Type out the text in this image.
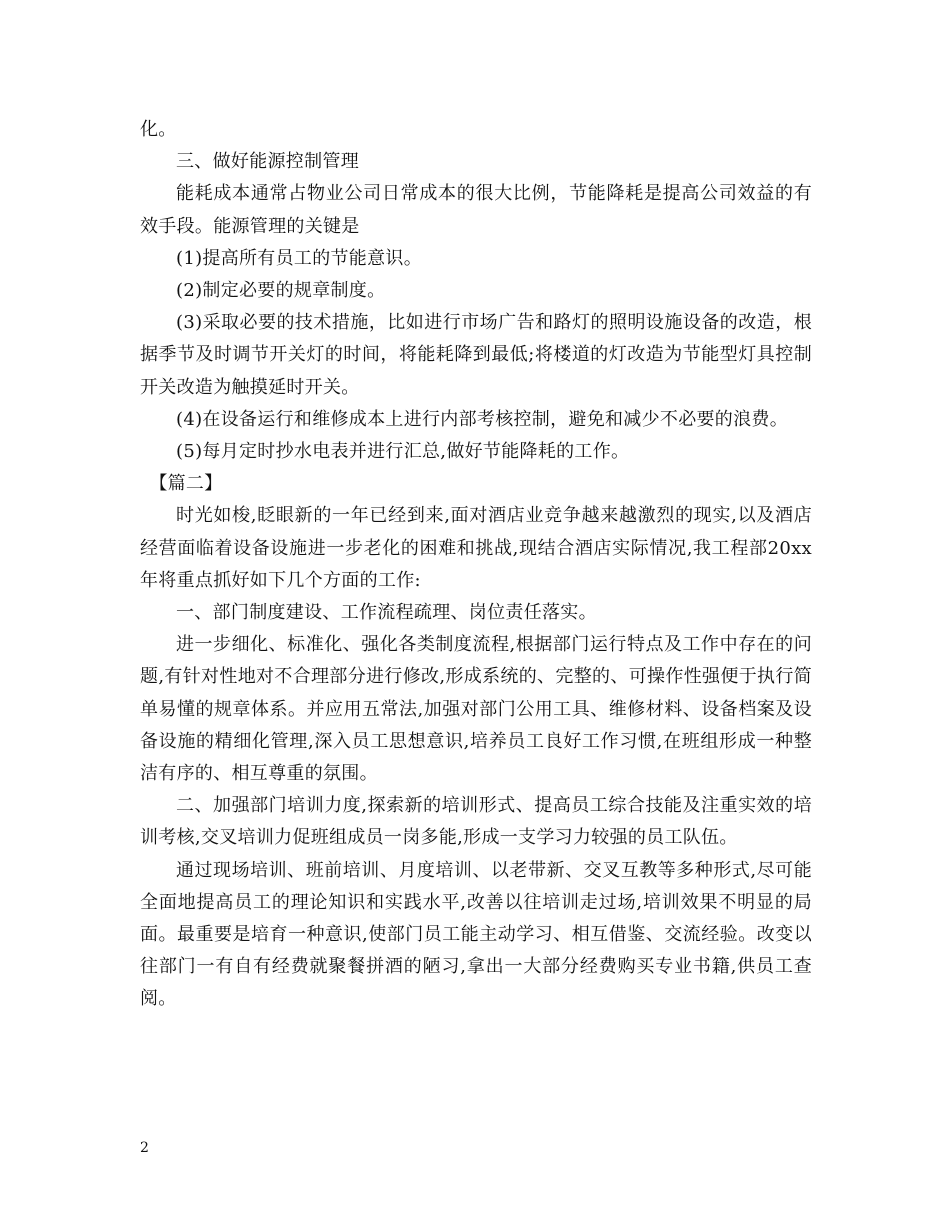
化。

三、做好能源控制管理

能耗成本通常占物业公司日常成本的很大比例，节能降耗是提高公司效益的有效手段。能源管理的关键是

(1)提高所有员工的节能意识。

(2)制定必要的规章制度。

(3)采取必要的技术措施，比如进行市场广告和路灯的照明设施设备的改造，根据季节及时调节开关灯的时间，将能耗降到最低;将楼道的灯改造为节能型灯具控制开关改造为触摸延时开关。

(4)在设备运行和维修成本上进行内部考核控制，避免和减少不必要的浪费。

(5)每月定时抄水电表并进行汇总,做好节能降耗的工作。

　【篇二】

时光如梭,眨眼新的一年已经到来,面对酒店业竞争越来越激烈的现实,以及酒店经营面临着设备设施进一步老化的困难和挑战,现结合酒店实际情况,我工程部20xx年将重点抓好如下几个方面的工作:

一、部门制度建设、工作流程疏理、岗位责任落实。

进一步细化、标准化、强化各类制度流程,根据部门运行特点及工作中存在的问题,有针对性地对不合理部分进行修改,形成系统的、完整的、可操作性强便于执行简单易懂的规章体系。并应用五常法,加强对部门公用工具、维修材料、设备档案及设备设施的精细化管理,深入员工思想意识,培养员工良好工作习惯,在班组形成一种整洁有序的、相互尊重的氛围。

二、加强部门培训力度,探索新的培训形式、提高员工综合技能及注重实效的培训考核,交叉培训力促班组成员一岗多能,形成一支学习力较强的员工队伍。

通过现场培训、班前培训、月度培训、以老带新、交叉互教等多种形式,尽可能全面地提高员工的理论知识和实践水平,改善以往培训走过场,培训效果不明显的局面。最重要是培育一种意识,使部门员工能主动学习、相互借鉴、交流经验。改变以往部门一有自有经费就聚餐拼酒的陋习,拿出一大部分经费购买专业书籍,供员工查阅。

2
